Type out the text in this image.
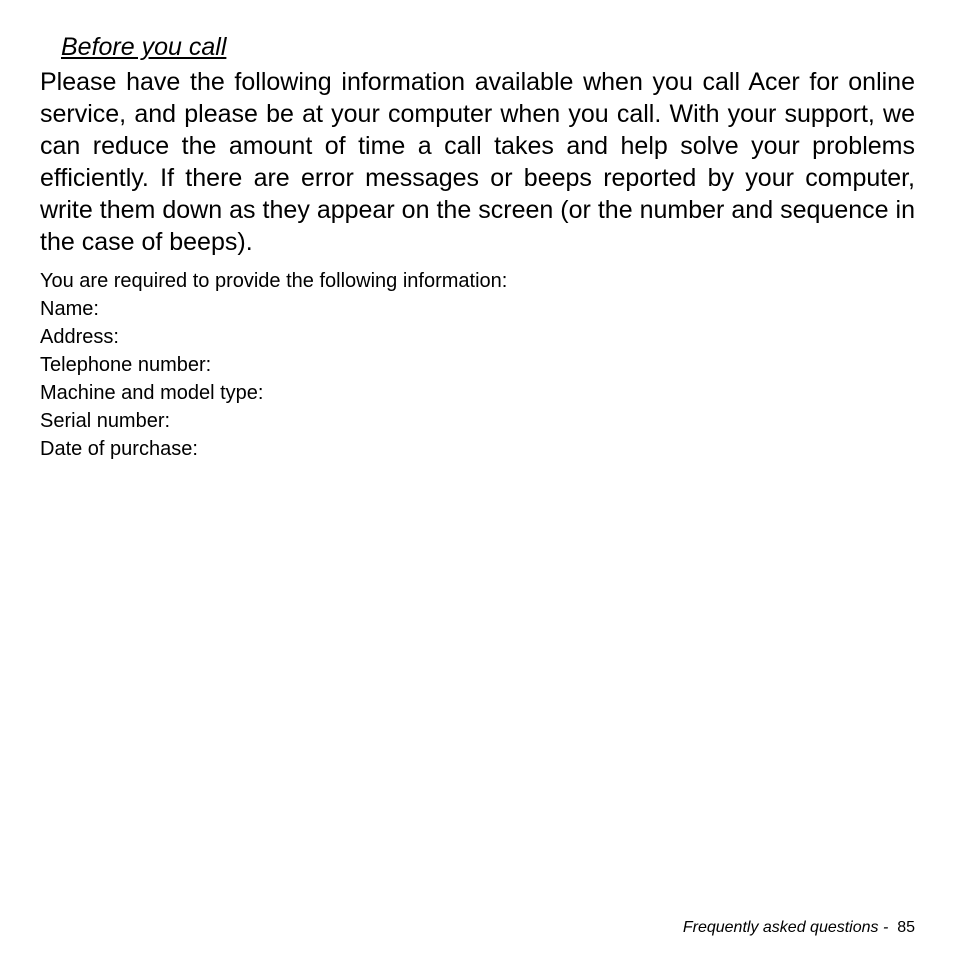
Before you call

Please have the following information available when you call Acer for online service, and please be at your computer when you call. With your support, we can reduce the amount of time a call takes and help solve your problems efficiently. If there are error messages or beeps reported by your computer, write them down as they appear on the screen (or the number and sequence in the case of beeps).

You are required to provide the following information:

Name:
Address:
Telephone number:
Machine and model type:
Serial number:
Date of purchase:
Frequently asked questions -  85
